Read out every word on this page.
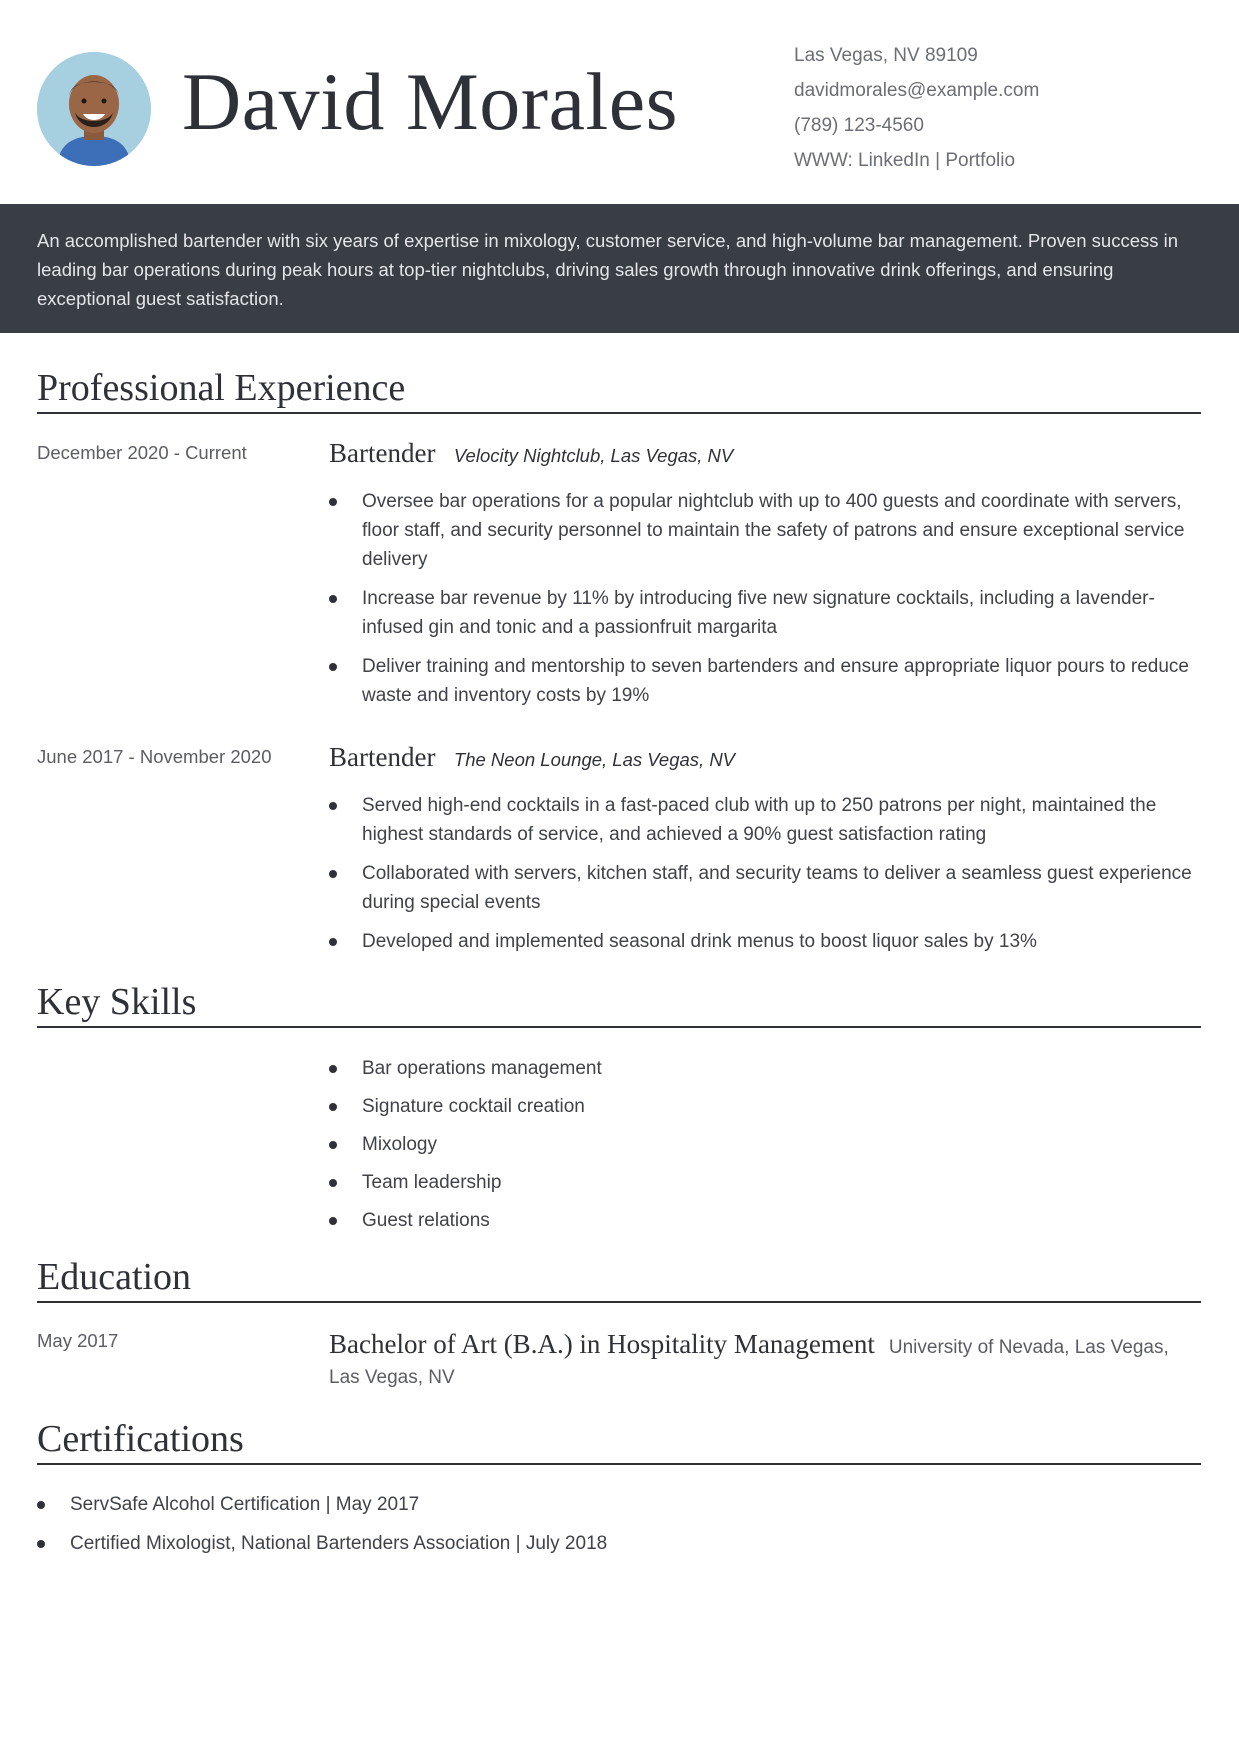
David Morales
Las Vegas, NV 89109
davidmorales@example.com
(789) 123-4560
WWW: LinkedIn | Portfolio

An accomplished bartender with six years of expertise in mixology, customer service, and high-volume bar management. Proven success in leading bar operations during peak hours at top-tier nightclubs, driving sales growth through innovative drink offerings, and ensuring exceptional guest satisfaction.

Professional Experience
December 2020 - Current	Bartender Velocity Nightclub, Las Vegas, NV
Oversee bar operations for a popular nightclub with up to 400 guests and coordinate with servers, floor staff, and security personnel to maintain the safety of patrons and ensure exceptional service delivery
Increase bar revenue by 11% by introducing five new signature cocktails, including a lavender-infused gin and tonic and a passionfruit margarita
Deliver training and mentorship to seven bartenders and ensure appropriate liquor pours to reduce waste and inventory costs by 19%
June 2017 - November 2020 Bartender The Neon Lounge, Las Vegas, NV
Served high-end cocktails in a fast-paced club with up to 250 patrons per night, maintained the highest standards of service, and achieved a 90% guest satisfaction rating
Collaborated with servers, kitchen staff, and security teams to deliver a seamless guest experience during special events
Developed and implemented seasonal drink menus to boost liquor sales by 13%
Key Skills
Bar operations management
Signature cocktail creation
Mixology
Team leadership
Guest relations
Education
May 2017	Bachelor of Art (B.A.) in Hospitality Management University of Nevada, Las Vegas, Las Vegas, NV
Certifications
ServSafe Alcohol Certification | May 2017
Certified Mixologist, National Bartenders Association | July 2018
